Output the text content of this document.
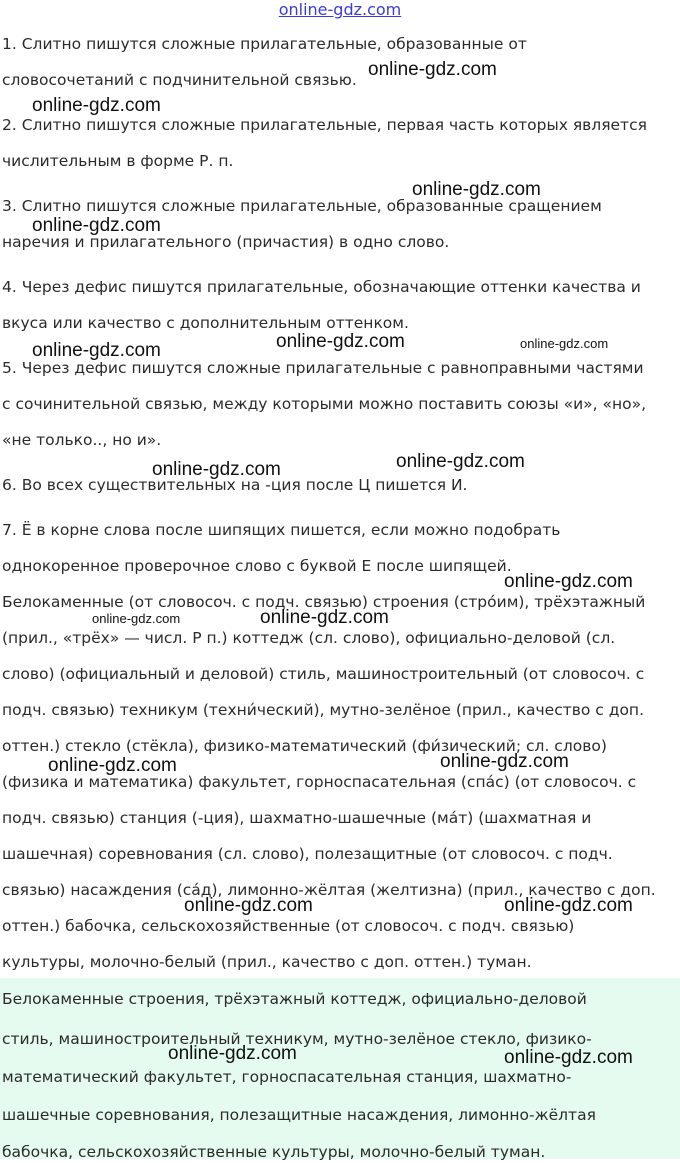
online-gdz.com
1. Слитно пишутся сложные прилагательные, образованные от
словосочетаний с подчинительной связью.
2. Слитно пишутся сложные прилагательные, первая часть которых является
числительным в форме Р. п.
3. Слитно пишутся сложные прилагательные, образованные сращением
наречия и прилагательного (причастия) в одно слово.
4. Через дефис пишутся прилагательные, обозначающие оттенки качества и
вкуса или качество с дополнительным оттенком.
5. Через дефис пишутся сложные прилагательные с равноправными частями
с сочинительной связью, между которыми можно поставить союзы «и», «но»,
«не только.., но и».
6. Во всех существительных на -ция после Ц пишется И.
7. Ё в корне слова после шипящих пишется, если можно подобрать
однокоренное проверочное слово с буквой Е после шипящей.
Белокаменные (от словосоч. с подч. связью) строения (стро́им), трёхэтажный
(прил., «трёх» — числ. Р п.) коттедж (сл. слово), официально-деловой (сл.
слово) (официальный и деловой) стиль, машиностроительный (от словосоч. с
подч. связью) техникум (техни́ческий), мутно-зелёное (прил., качество с доп.
оттен.) стекло (стёкла), физико-математический (фи́зический; сл. слово)
(физика и математика) факультет, горноспасательная (спа́с) (от словосоч. с
подч. связью) станция (-ция), шахматно-шашечные (ма́т) (шахматная и
шашечная) соревнования (сл. слово), полезащитные (от словосоч. с подч.
связью) насаждения (са́д), лимонно-жёлтая (желтизна) (прил., качество с доп.
оттен.) бабочка, сельскохозяйственные (от словосоч. с подч. связью)
культуры, молочно-белый (прил., качество с доп. оттен.) туман.
Белокаменные строения, трёхэтажный коттедж, официально-деловой
стиль, машиностроительный техникум, мутно-зелёное стекло, физико-
математический факультет, горноспасательная станция, шахматно-
шашечные соревнования, полезащитные насаждения, лимонно-жёлтая
бабочка, сельскохозяйственные культуры, молочно-белый туман.
online-gdz.com
online-gdz.com
online-gdz.com
online-gdz.com
online-gdz.com	online-gdz.com
online-gdz.com
online-gdz.com	online-gdz.com
online-gdz.com
online-gdz.com	online-gdz.com
online-gdz.com	online-gdz.com
online-gdz.com	online-gdz.com
online-gdz.com	online-gdz.com
